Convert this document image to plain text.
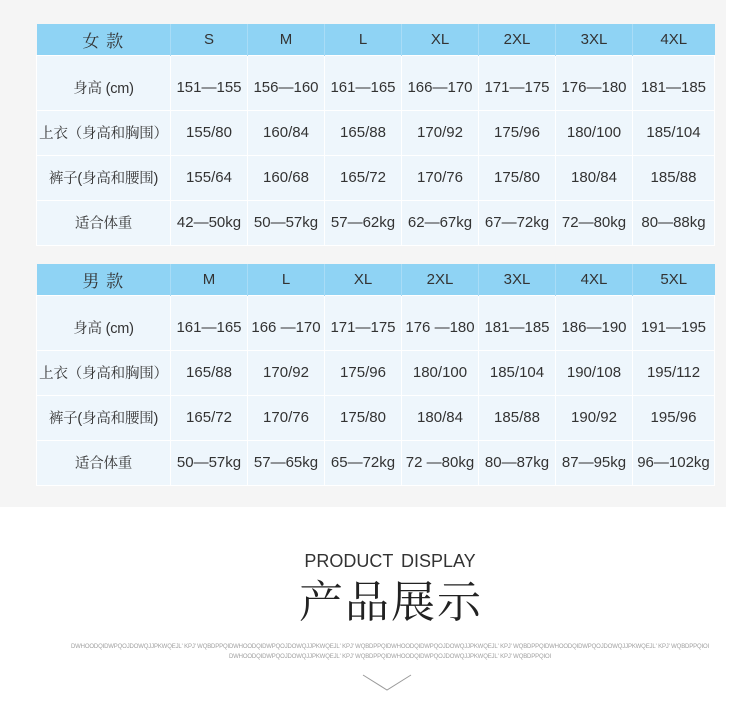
女 款	S	M	L	XL	2XL	3XL	4XL
身高 (cm)	151—155	156—160	161—165	166—170	171—175	176—180	181—185
上衣（身高和胸围）	155/80	160/84	165/88	170/92	175/96	180/100	185/104
裤子(身高和腰围)	155/64	160/68	165/72	170/76	175/80	180/84	185/88
适合体重	42—50kg	50—57kg	57—62kg	62—67kg	67—72kg	72—80kg	80—88kg
男 款	M	L	XL	2XL	3XL	4XL	5XL
身高 (cm)	161—165	166 —170	171—175	176 —180	181—185	186—190	191—195
上衣（身高和胸围）	165/88	170/92	175/96	180/100	185/104	190/108	195/112
裤子(身高和腰围)	165/72	170/76	175/80	180/84	185/88	190/92	195/96
适合体重	50—57kg	57—65kg	65—72kg	72 —80kg	80—87kg	87—95kg	96—102kg
PRODUCT DISPLAY
产品展示
DWHOODQIDWPQOJDOWQJJPKWQEJL' KPJ' WQBDPPQIDWHOODQIDWPQOJDOWQJJPKWQEJL' KPJ' WQBDPPQIDWHOODQIDWPQOJDOWQJJPKWQEJL' KPJ' WQBDPPQIDWHOODQIDWPQOJDOWQJJPKWQEJL' KPJ' WQBDPPQIOI
DWHOODQIDWPQOJDOWQJJPKWQEJL' KPJ' WQBDPPQIDWHOODQIDWPQOJDOWQJJPKWQEJL' KPJ' WQBDPPQIOI
